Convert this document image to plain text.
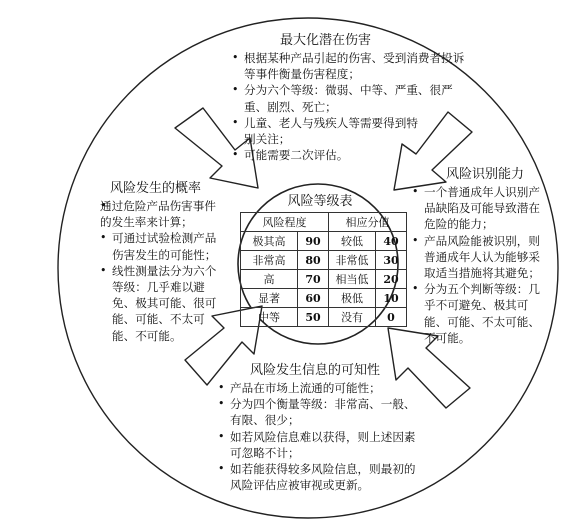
最大化潜在伤害
• 根据某种产品引起的伤害、受到消费者投诉等事件衡量伤害程度；
• 分为六个等级：微弱、中等、严重、很严重、剧烈、死亡；
• 儿童、老人与残疾人等需要得到特别关注；
• 可能需要二次评估。
风险发生的概率
• 通过危险产品伤害事件的发生率来计算；
• 可通过试验检测产品伤害发生的可能性；
• 线性测量法分为六个等级：几乎难以避免、极其可能、很可能、可能、不太可能、不可能。
风险识别能力
• 一个普通成年人识别产品缺陷及可能导致潜在危险的能力；
• 产品风险能被识别，则普通成年人认为能够采取适当措施将其避免；
• 分为五个判断等级：几乎不可避免、极其可能、可能、不太可能、不可能。
风险发生信息的可知性
• 产品在市场上流通的可能性；
• 分为四个衡量等级：非常高、一般、有限、很少；
• 如若风险信息难以获得，则上述因素可忽略不计；
• 如若能获得较多风险信息，则最初的风险评估应被审视或更新。
风险等级表
风险程度		相应分值	
极其高	90	较低	40
非常高	80	非常低	30
高	70	相当低	20
显著	60	极低	10
中等	50	没有	0
